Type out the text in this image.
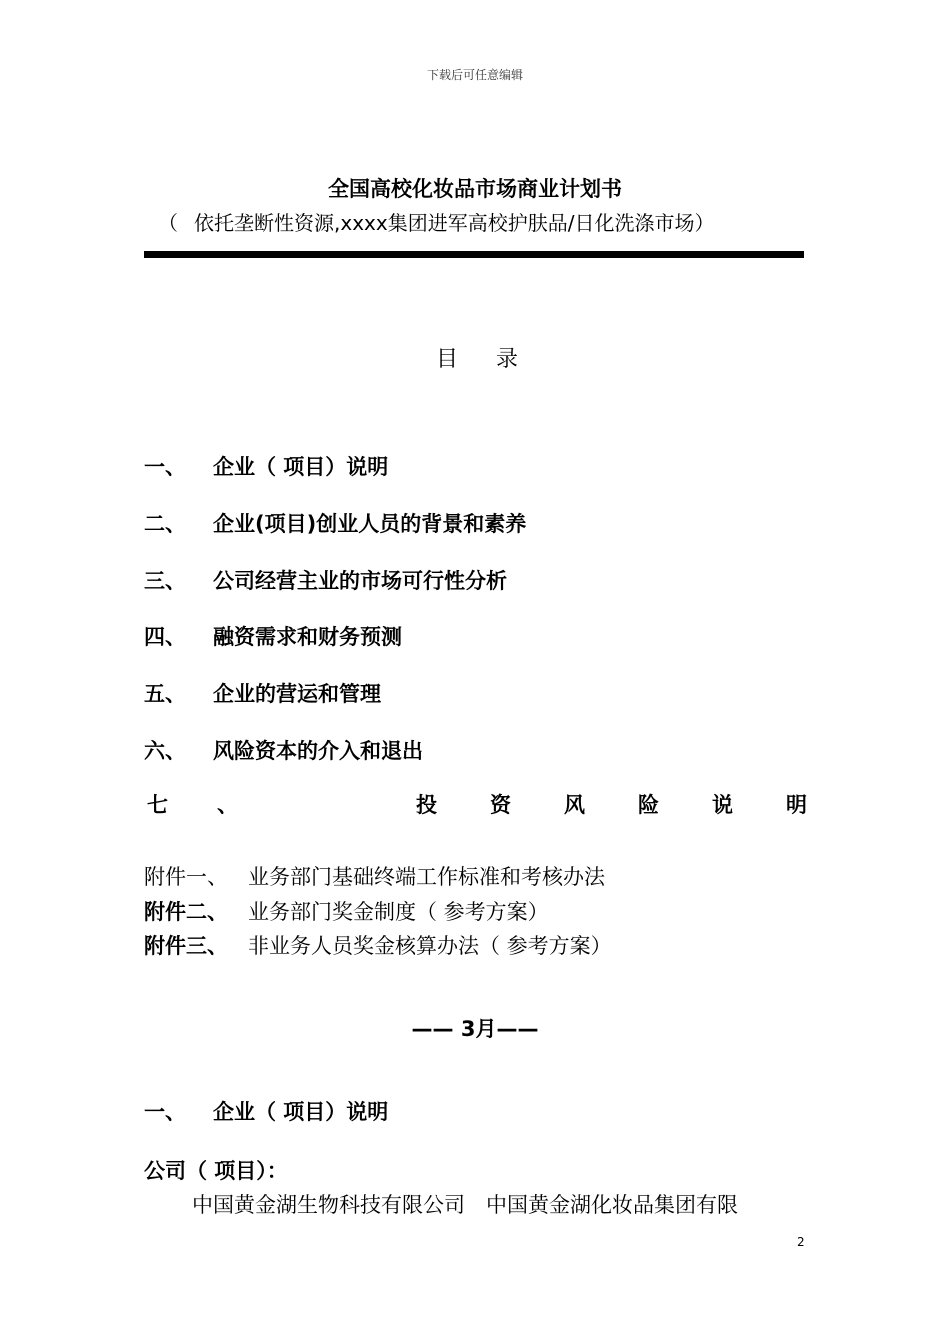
下载后可任意编辑
全国高校化妆品市场商业计划书
（ 依托垄断性资源,xxxx集团进军高校护肤品/日化洗涤市场）
目录
一、 企业（ 项目）说明
二、 企业(项目)创业人员的背景和素养
三、 公司经营主业的市场可行性分析
四、 融资需求和财务预测
五、 企业的营运和管理
六、 风险资本的介入和退出
七 、	投	资	风	险	说	明
附件一、 业务部门基础终端工作标准和考核办法
附件二、 业务部门奖金制度（ 参考方案）
附件三、 非业务人员奖金核算办法（ 参考方案）
—— 3月——
一、 企业（ 项目）说明
公司（ 项目）：
中国黄金湖生物科技有限公司　中国黄金湖化妆品集团有限
2
